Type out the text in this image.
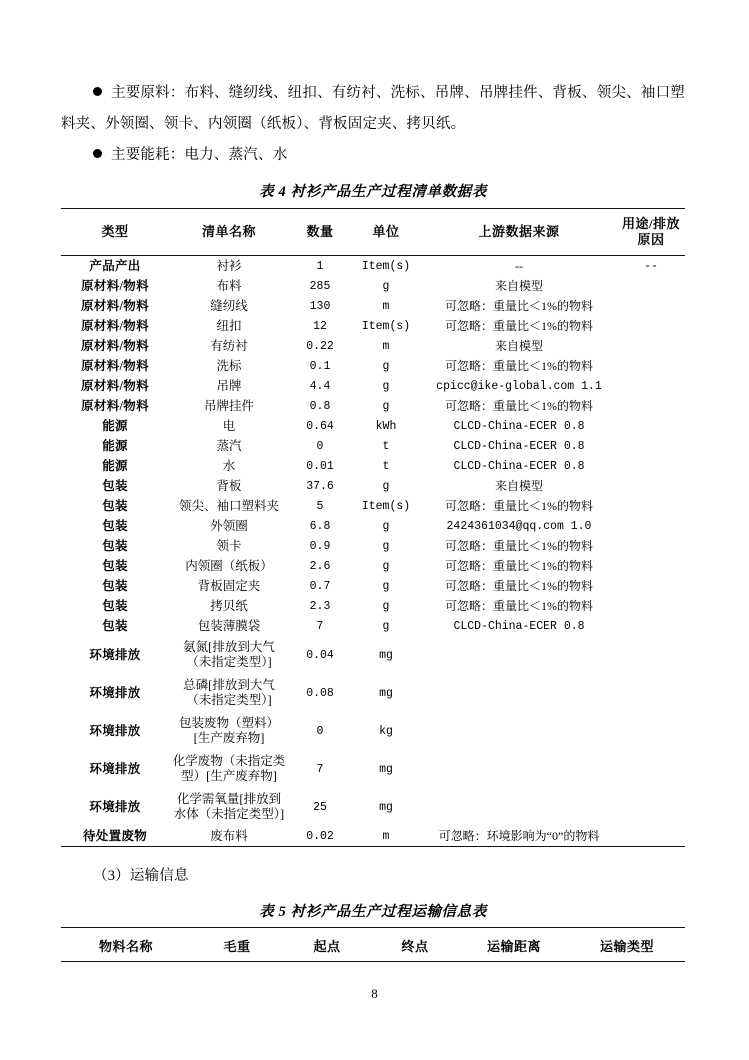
主要原料：布料、缝纫线、纽扣、有纺衬、洗标、吊牌、吊牌挂件、背板、领尖、袖口塑料夹、外领圈、领卡、内领圈（纸板）、背板固定夹、拷贝纸。

主要能耗：电力、蒸汽、水

表 4 衬衫产品生产过程清单数据表

类型	清单名称	数量	单位	上游数据来源	用途/排放
原因

产品产出	衬衫	1	Item(s)	--	--
原材料/物料	布料	285	g	来自模型	
原材料/物料	缝纫线	130	m	可忽略：重量比＜1%的物料	
原材料/物料	纽扣	12	Item(s)	可忽略：重量比＜1%的物料	
原材料/物料	有纺衬	0.22	m	来自模型	
原材料/物料	洗标	0.1	g	可忽略：重量比＜1%的物料	
原材料/物料	吊牌	4.4	g	cpicc@ike-global.com 1.1	
原材料/物料	吊牌挂件	0.8	g	可忽略：重量比＜1%的物料	
能源	电	0.64	kWh	CLCD-China-ECER 0.8	
能源	蒸汽	0	t	CLCD-China-ECER 0.8	
能源	水	0.01	t	CLCD-China-ECER 0.8	
包装	背板	37.6	g	来自模型	
包装	领尖、袖口塑料夹	5	Item(s)	可忽略：重量比＜1%的物料	
包装	外领圈	6.8	g	2424361034@qq.com 1.0	
包装	领卡	0.9	g	可忽略：重量比＜1%的物料	
包装	内领圈（纸板）	2.6	g	可忽略：重量比＜1%的物料	
包装	背板固定夹	0.7	g	可忽略：重量比＜1%的物料	
包装	拷贝纸	2.3	g	可忽略：重量比＜1%的物料	
包装	包装薄膜袋	7	g	CLCD-China-ECER 0.8	
环境排放	氨氮[排放到大气（未指定类型）]	0.04	mg		
环境排放	总磷[排放到大气（未指定类型）]	0.08	mg		
环境排放	包装废物（塑料）[生产废弃物]	0	kg		
环境排放	化学废物（未指定类型）[生产废弃物]	7	mg		
环境排放	化学需氧量[排放到水体（未指定类型）]	25	mg		
待处置废物	废布料	0.02	m	可忽略：环境影响为“0”的物料	

（3）运输信息
表 5 衬衫产品生产过程运输信息表

物料名称	毛重	起点	终点	运输距离	运输类型

8
